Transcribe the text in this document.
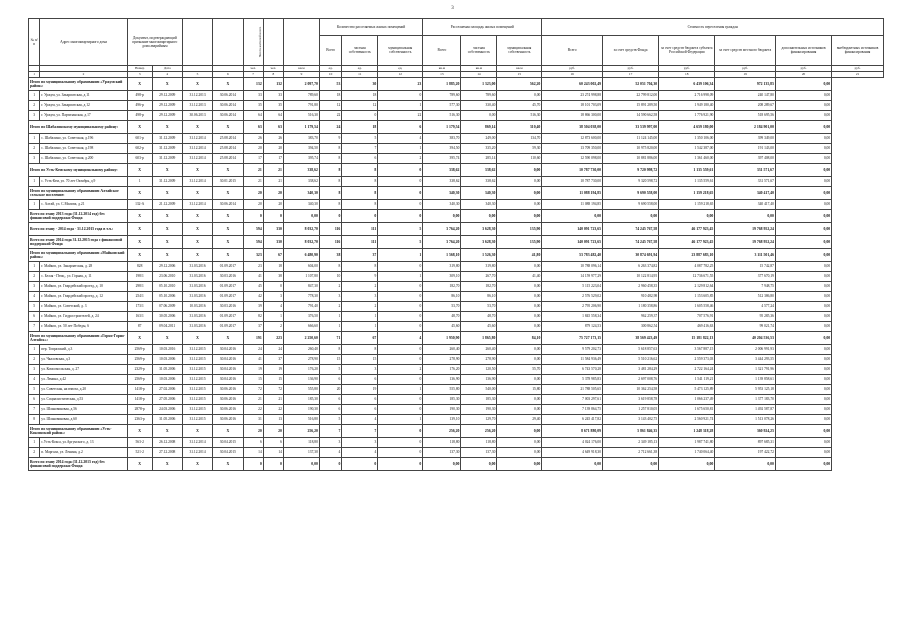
3
№ п/п	Адрес многоквартирного дома	Документ, подтверждающий признание многоквартирного дома аварийным				Число жителей всего			Количество расселяемых жилых помещений			Расселяемая площадь жилых помещений			Стоимость переселения граждан					
									Всего	частная собственность	муниципальная собственность	Всего	частная собственность	муниципальная собственность	Всего	за счет средств Фонда	за счет средств бюджета субъекта Российской Федерации	за счет средств местного бюджета	дополнительных источников финансирования	внебюджетных источников финансирования
		Номер	Дата			чел.	чел.	кв.м	ед.	ед.	ед.	кв.м	кв.м	кв.м	руб.	руб.	руб.	руб.	руб.	руб.
1	2	3	4	5	6	7	8	9	10	11	12	13	14	15	16	17	18	19	20	21
Итого по муниципальному образованию «Уржумский район»:		X	X	X	X	132	132	2 097,70	53	30	23	1 885,20	1 323,00	562,20	60 243 002,49	52 051 704,30	6 439 106,34	972 135,85	0,00	
1	г. Уржум, ул. Закарпатская, д.11	498-р	29.12.2009	31.12.2013	30.06.2014	33	33	789,60	18	18	0	789,60	789,60	0,00	23 274 998,88	22 799 812,00	2 716 998,09	240 147,80	0,00	
2	г. Уржум, ул. Закарпатская, д.12	496-р	29.12.2009	31.12.2013	30.06.2014	35	35	791,80	12	12	1	577,30	330,40	45,70	18 101 703,09	15 891 289,50	1 949 180,40	208 289,67	0,00	
3	г. Уржум, ул. Партизанская, д.17	498-р	29.12.2009	30.06.2013	30.06.2014	64	64	516,30	22	0	22	516,30	0,00	516,30	18 866 300,00	14 590 662,58	1 776 921,90	518 695,56	0,00	
Итого по Шабалинскому муниципальному району:		X	X	X	X	63	63	1 179,54	24	18	6	1 179,54	869,14	310,40	38 504 038,00	33 539 997,00	4 659 180,00	2 184 901,00	0,00	
1	с. Шабалино, ул. Советская, д.196	601-р	31.12.2009	31.12.2014	25.08.2014	26	26	383,70	9	5	4	383,70	249,00	134,70	12 873 600,00	11 124 145,00	1 350 106,00	399 349,00	0,00	
2	с. Шабалино, ул. Советская, д.198	602-р	31.12.2009	31.12.2014	25.08.2014	20	20	394,50	8	7	1	394,50	335,20	59,30	13 709 350,00	10 975 820,00	1 542 387,00	191 143,00	0,00	
3	с. Шабалино, ул. Советская, д.200	603-р	31.12.2009	31.12.2014	25.08.2014	17	17	395,74	8	6	2	395,74	285,14	110,60	12 590 098,00	10 881 886,00	1 361 460,00	397 408,00	0,00	
Итого по Усть-Кемскому муниципальному району:		X	X	X	X	21	21	338,62	8	8	0	338,62	338,62	0,00	10 787 730,00	9 720 998,72	1 135 559,61	331 571,67	0,00	
1	с. Усть-Кем, ул. 70 лет Октября, д.9	1	31.12.2009	31.12.2014	30.01.2015	21	21	338,62	8	8	0	338,62	338,62	0,00	10 787 730,00	9 320 598,72	1 135 559,61	331 571,67	0,00	
Итого по муниципальному образованию Алтайское сельское поселение:		X	X	X	X	20	20	340,30	8	8	0	340,30	340,30	0,00	11 088 194,85	9 690 558,00	1 159 218,65	340 417,40	0,00	
1	с. Алтай, ул. С.Милова, д.21	132-А	21.12.2009	31.12.2014	30.06.2014	20	20	340,30	8	8	0	340,30	340,30	0,00	11 088 194,85	9 690 558,00	1 159 218,65	340 417,40	0,00	
Всего по этапу 2013 года (31.12.2014 год) без финансовой поддержки Фонда		X	X	X	X	0	0	0,00	0	0	0	0,00	0,00	0,00	0,00	0,00	0,00	0,00	0,00	
Всего по этапу - 2014 года - 31.12.2015 года в т.ч.:		X	X	X	X	594	330	8 032,70	116	111	5	3 764,20	3 628,30	135,90	140 091 723,65	74 245 767,58	46 177 923,45	19 768 952,24	0,00	
Всего по этапу 2014 года 31.12.2015 года с финансовой поддержкой Фонда		X	X	X	X	594	330	8 032,70	116	111	5	3 764,20	3 628,30	135,90	140 091 723,65	74 245 767,58	46 177 923,45	19 768 952,24	0,00	
Итого по муниципальному образованию «Майкопский район»:		X	X	X	X	323	67	6 480,90	38	37	1	1 568,10	1 526,30	41,80	53 783 482,40	30 874 691,94	23 887 683,10	3 111 501,46	0,00	
1	г. Майкоп, ул. Закарпатская, д. 28	828	29.12.2006	31.03.2016	01.09.2017	23	18	604,00	8	8	0	319,80	319,80	0,00	10 788 096,14	6 263 374,82	4 087 782,25	15 742,87	0,00	
2	с. Белая - Птиц., ул. Горная, д. 11	198/1	23.06.2010	31.03.2016	30.03.2016	41	38	1 107,80	10	9	1	309,10	267,70	41,40	14 159 977,29	10 122 814,95	12 736 671,55	377 670,19	0,00	
3	г. Майкоп, ул. Гвардейский проезд, д. 10	298/1	05.10.2010	31.03.2016	01.09.2017	45	0	847,30	2	2	0	182,70	182,70	0,00	5 115 223,04	2 960 458,35	2 129 812,64	7 948,75	0,00	
4	г. Майкоп, ул. Гвардейский проезд, д. 12	254/1	05.10.2006	31.03.2016	01.09.2017	42	3	778,30	3	3	0	86,10	86,10	0,00	2 576 529,02	910 482,98	1 153 605,85	512 386,80	0,00	
5	г. Майкоп, ул. Советский, д. 3	173/1	07.06.2009	10.03.2016	30.03.2016	39	4	791,40	2	2	0	53,70	53,70	0,00	2 795 206,90	1 180 358,86	1 605 558,46	4 577,24	0,00	
6	г. Майкоп, ул. Гидростроителей, д. 24	163/1	30.05.2006	31.03.2016	01.09.2017	82	1	376,50	1	1	0	48,70	48,70	0,00	1 845 558,34	962 259,37	707 576,91	95 285,36	0,00	
7	г. Майкоп, ул. 50 лет Победы, 6	87	09.04.2011	31.03.2016	01.09.2017	37	2	666,60	1	1	0	45,60	45,60	0,00	879 124,53	300 862,54	469 416,63	99 021,74	0,00	
Итого по муниципальному образованию «Горно-Горно-Алтайск»:		X	X	X	X	191	223	2 250,60	71	67	4	1 950,90	1 865,80	84,10	75 727 173,15	38 569 423,49	15 181 822,13	40 204 536,53	0,00	
1	пер. Топразский, д.3	2569-р	10.03.2016	31.12.2015	30.04.2016	24	24	260,40	8	8	0	260,40	260,40	0,00	9 579 202,73	5 618 857,63	3 567 887,15	2 006 991,93	0,00	
2	ул. Чкаловская, д.3	2569-р	10.03.2006	31.12.2015	30.04.2016	41	37	278,90	15	15	0	278,90	278,90	0,00	11 584 936,49	5 510 216,62	2 559 373,03	3 444 293,55	0,00	
3	ул. Комсомольская, д. 27	2329-р	31.05.2006	31.12.2015	30.04.2016	19	19	176,20	5	3	2	176,20	120,50	55,70	6 743 570,28	3 481 284,29	2 722 164,24	1 321 791,96	0,00	
4	ул. Ленина, д.42	2569-р	10.03.2006	31.12.2015	30.04.2016	15	15	136,90	6	6	0	136,90	136,90	0,00	5 378 985,83	2 697 008,76	1 541 119,21	1 139 858,61	0,00	
5	ул. Советская, на взвоза, д.20	1418-р	27.02.2006	31.12.2015	30.06.2016	72	72	555,80	20	19	1	555,80	540,00	15,80	21 788 505,65	10 362 254,58	5 473 125,89	5 953 125,18	0,00	
6	ул. Социалистическая, д.53	1418-р	27.05.2006	31.12.2015	30.06.2016	21	21	185,30	6	6	0	185,30	185,30	0,00	7 003 297,61	3 619 858,78	1 066 237,49	1 377 183,70	0,00	
7	ул. Шлаковиковая, д.56	2878-р	24.03.2006	31.12.2015	30.06.2016	22	22	190,30	6	6	0	190,30	190,30	0,00	7 139 864,75	1 257 810,05	1 675 650,81	1 492 587,87	0,00	
8	ул. Шлаковиковая, д.60	2363-р	31.05.2006	31.12.2015	30.06.2016	31	13	516,80	5	4	1	139,10	129,70	29,40	6 245 417,82	3 143 402,75	2 560 921,74	1 513 078,26	0,00	
Итого по муниципальному образованию «Усть-Коксинский район»:		X	X	X	X	20	20	256,20	7	7	0	256,20	256,20	0,00	8 671 880,09	5 861 846,35	1 248 318,28	360 924,25	0,00	
1	с.Усть-Кокса, ул.Аргунского, д. 13	563-2	26.12.2008	31.12.2014	30.04.2015	6	6	118,80	3	3	0	118,80	118,80	0,00	4 024 176,00	2 349 185,13	1 987 741,80	897 685,31	0,00	
2	п. Маргала, ул. Ленина, д.2	521-2	27.12.2008	31.12.2014	30.04.2015	14	14	137,30	4	4	0	137,30	137,30	0,00	4 649 918,30	2 712 661,38	1 740 064,40	197 422,72	0,00	
Всего по этапу 2014 года (31.12.2015 год) без финансовой поддержки Фонда		X	X	X	X	0	0	0,00	0	0	0	0,00	0,00	0,00	0,00	0,00	0,00	0,00	0,00	
